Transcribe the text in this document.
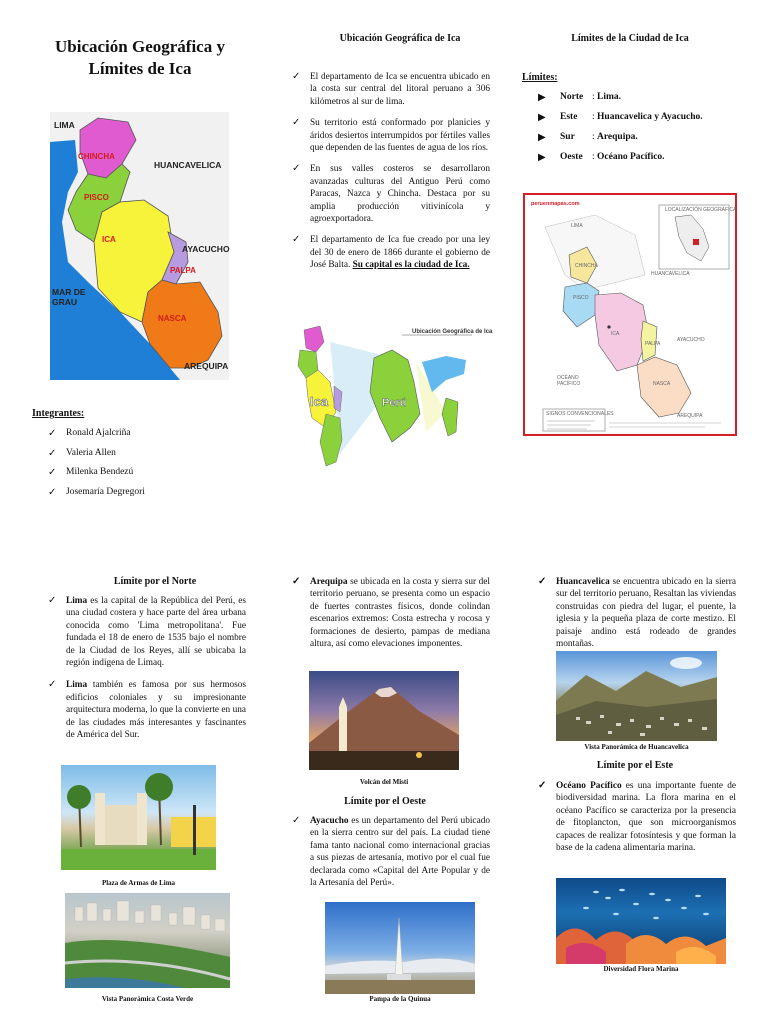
Ubicación Geográfica y
Límites de Ica
LIMA
CHINCHA
HUANCAVELICA
PISCO
ICA
AYACUCHO
PALPA
MAR DE
GRAU
NASCA
AREQUIPA
Integrantes:
✓ Ronald Ajalcriña
✓ Valeria Allen
✓ Milenka Bendezú
✓ Josemaría Degregori
Ubicación Geográfica de Ica
✓ El departamento de Ica se encuentra ubicado en la costa sur central del litoral peruano a 306 kilómetros al sur de lima.
✓ Su territorio está conformado por planicies y áridos desiertos interrumpidos por fértiles valles que dependen de las fuentes de agua de los ríos.
✓ En sus valles costeros se desarrollaron avanzadas culturas del Antiguo Perú como Paracas, Nazca y Chincha. Destaca por su amplia producción vitivinícola y agroexportadora.
✓ El departamento de Ica fue creado por una ley del 30 de enero de 1866 durante el gobierno de José Balta. Su capital es la ciudad de Ica.
Ubicación Geográfica de Ica
Ica	Perú
Límites de la Ciudad de Ica
Límites:
▶	Norte : Lima.
▶	Este	: Huancavelica y Ayacucho.
▶	Sur	: Arequipa.
▶	Oeste : Océano Pacífico.
peruenmapas.com
LOCALIZACIÓN GEOGRÁFICA
LIMA
HUANCAVELICA
CHINCHA
PISCO
ICA
AYACUCHO
PALPA
NASCA
OCÉANO
PACÍFICO
AREQUIPA
SIGNOS CONVENCIONALES
Límite por el Norte
✓ Lima es la capital de la República del Perú, es una ciudad costera y hace parte del área urbana conocida como 'Lima metropolitana'. Fue fundada el 18 de enero de 1535 bajo el nombre de la Ciudad de los Reyes, allí se ubicaba la región indígena de Limaq.
✓ Lima también es famosa por sus hermosos edificios coloniales y su impresionante arquitectura moderna, lo que la convierte en una de las ciudades más interesantes y fascinantes de América del Sur.
Plaza de Armas de Lima
Vista Panorámica Costa Verde
✓ Arequipa se ubicada en la costa y sierra sur del territorio peruano, se presenta como un espacio de fuertes contrastes físicos, donde colindan escenarios extremos: Costa estrecha y rocosa y formaciones de desierto, pampas de mediana altura, así como elevaciones imponentes.
Volcán del Misti
Límite por el Oeste
✓ Ayacucho es un departamento del Perú ubicado en la sierra centro sur del país. La ciudad tiene fama tanto nacional como internacional gracias a sus piezas de artesanía, motivo por el cual fue declarada como «Capital del Arte Popular y de la Artesanía del Perú».
Pampa de la Quinua
✓ Huancavelica se encuentra ubicado en la sierra sur del territorio peruano, Resaltan las viviendas construidas con piedra del lugar, el puente, la iglesia y la pequeña plaza de corte mestizo. El paisaje andino está rodeado de grandes montañas.
Vista Panorámica de Huancavelica
Límite por el Este
✓ Océano Pacífico es una importante fuente de biodiversidad marina. La flora marina en el océano Pacífico se caracteriza por la presencia de fitoplancton, que son microorganismos capaces de realizar fotosíntesis y que forman la base de la cadena alimentaria marina.
Diversidad Flora Marina
